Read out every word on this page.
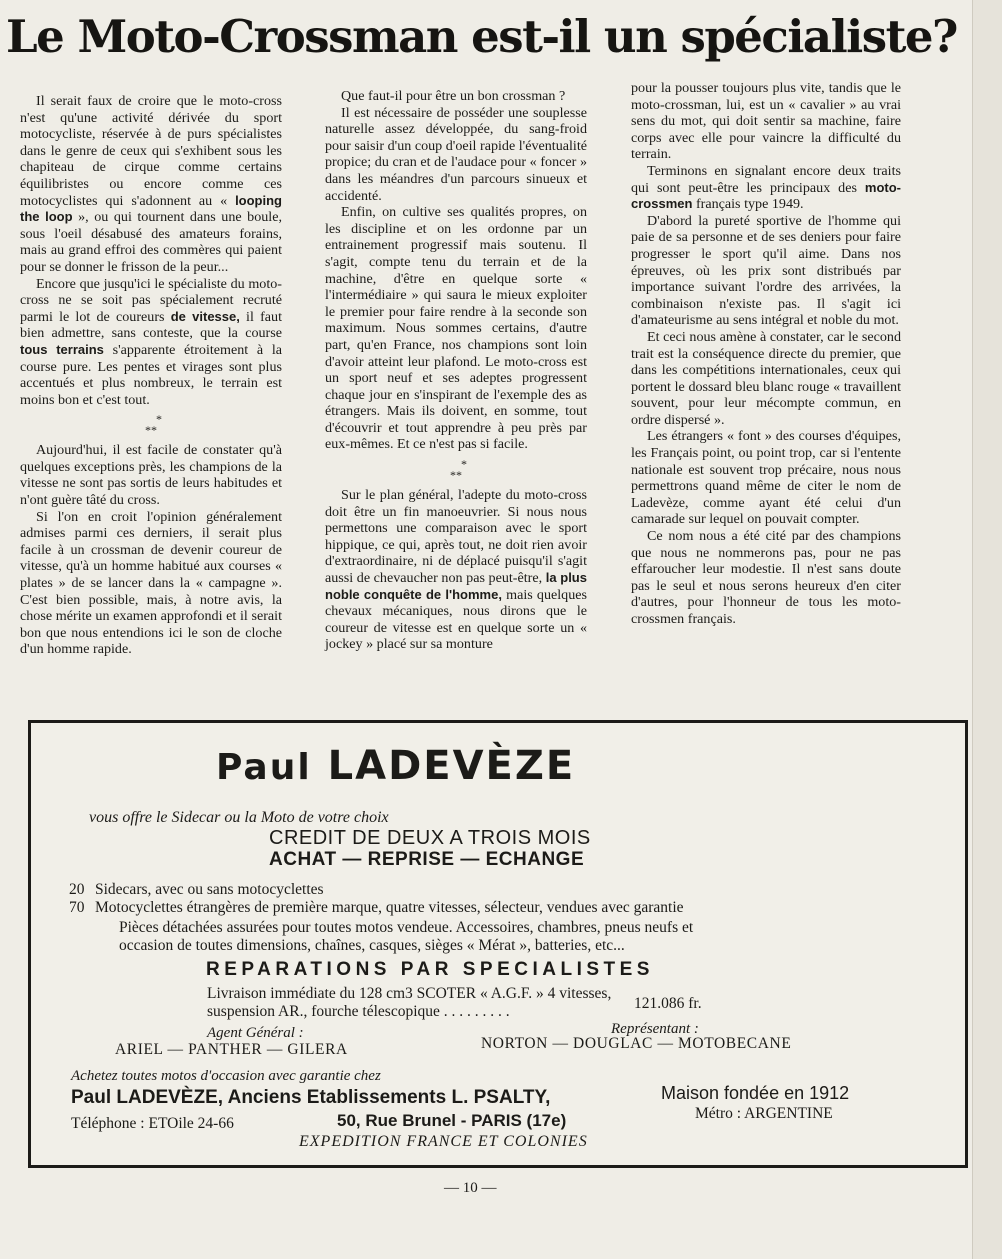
Le Moto-Crossman est-il un spécialiste?

Il serait faux de croire que le moto-cross n'est qu'une activité dérivée du sport motocycliste, réservée à de purs spécialistes dans le genre de ceux qui s'exhibent sous les chapiteau de cirque comme certains équilibristes ou encore comme ces motocyclistes qui s'adonnent au « looping the loop », ou qui tournent dans une boule, sous l'oeil désabusé des amateurs forains, mais au grand effroi des commères qui paient pour se donner le frisson de la peur...

Encore que jusqu'ici le spécialiste du moto-cross ne se soit pas spécialement recruté parmi le lot de coureurs de vitesse, il faut bien admettre, sans conteste, que la course tous terrains s'apparente étroitement à la course pure. Les pentes et virages sont plus accentués et plus nombreux, le terrain est moins bon et c'est tout.

*
**

Aujourd'hui, il est facile de constater qu'à quelques exceptions près, les champions de la vitesse ne sont pas sortis de leurs habitudes et n'ont guère tâté du cross.

Si l'on en croit l'opinion généralement admises parmi ces derniers, il serait plus facile à un crossman de devenir coureur de vitesse, qu'à un homme habitué aux courses « plates » de se lancer dans la « campagne ». C'est bien possible, mais, à notre avis, la chose mérite un examen approfondi et il serait bon que nous entendions ici le son de cloche d'un homme rapide.

Que faut-il pour être un bon crossman ?

Il est nécessaire de posséder une souplesse naturelle assez développée, du sang-froid pour saisir d'un coup d'oeil rapide l'éventualité propice; du cran et de l'audace pour « foncer » dans les méandres d'un parcours sinueux et accidenté.

Enfin, on cultive ses qualités propres, on les discipline et on les ordonne par un entrainement progressif mais soutenu. Il s'agit, compte tenu du terrain et de la machine, d'être en quelque sorte « l'intermédiaire » qui saura le mieux exploiter le premier pour faire rendre à la seconde son maximum. Nous sommes certains, d'autre part, qu'en France, nos champions sont loin d'avoir atteint leur plafond. Le moto-cross est un sport neuf et ses adeptes progressent chaque jour en s'inspirant de l'exemple des as étrangers. Mais ils doivent, en somme, tout d'écouvrir et tout apprendre à peu près par eux-mêmes. Et ce n'est pas si facile.

*
**

Sur le plan général, l'adepte du moto-cross doit être un fin manoeuvrier. Si nous nous permettons une comparaison avec le sport hippique, ce qui, après tout, ne doit rien avoir d'extraordinaire, ni de déplacé puisqu'il s'agit aussi de chevaucher non pas peut-être, la plus noble conquête de l'homme, mais quelques chevaux mécaniques, nous dirons que le coureur de vitesse est en quelque sorte un « jockey » placé sur sa monture

pour la pousser toujours plus vite, tandis que le moto-crossman, lui, est un « cavalier » au vrai sens du mot, qui doit sentir sa machine, faire corps avec elle pour vaincre la difficulté du terrain.

Terminons en signalant encore deux traits qui sont peut-être les principaux des moto-crossmen français type 1949.

D'abord la pureté sportive de l'homme qui paie de sa personne et de ses deniers pour faire progresser le sport qu'il aime. Dans nos épreuves, où les prix sont distribués par importance suivant l'ordre des arrivées, la combinaison n'existe pas. Il s'agit ici d'amateurisme au sens intégral et noble du mot.

Et ceci nous amène à constater, car le second trait est la conséquence directe du premier, que dans les compétitions internationales, ceux qui portent le dossard bleu blanc rouge « travaillent souvent, pour leur mécompte commun, en ordre dispersé ».

Les étrangers « font » des courses d'équipes, les Français point, ou point trop, car si l'entente nationale est souvent trop précaire, nous nous permettrons quand même de citer le nom de Ladevèze, comme ayant été celui d'un camarade sur lequel on pouvait compter.

Ce nom nous a été cité par des champions que nous ne nommerons pas, pour ne pas effaroucher leur modestie. Il n'est sans doute pas le seul et nous serons heureux d'en citer d'autres, pour l'honneur de tous les moto-crossmen français.

Paul LADEVÈZE
vous offre le Sidecar ou la Moto de votre choix
CREDIT DE DEUX A TROIS MOIS
ACHAT — REPRISE — ECHANGE
20 Sidecars, avec ou sans motocyclettes
70 Motocyclettes étrangères de première marque, quatre vitesses, sélecteur, vendues avec garantie
Pièces détachées assurées pour toutes motos vendeue. Accessoires, chambres, pneus neufs et
occasion de toutes dimensions, chaînes, casques, sièges « Mérat », batteries, etc...
REPARATIONS PAR SPECIALISTES
Livraison immédiate du 128 cm3 SCOTER « A.G.F. » 4 vitesses,
suspension AR., fourche télescopique . . . . . . . . .	121.086 fr.
Agent Général :	Représentant :
ARIEL — PANTHER — GILERA	NORTON — DOUGLAC — MOTOBECANE
Achetez toutes motos d'occasion avec garantie chez
Paul LADEVÈZE, Anciens Etablissements L. PSALTY,	Maison fondée en 1912
Téléphone : ETOile 24-66	50, Rue Brunel - PARIS (17e)	Métro : ARGENTINE
EXPEDITION FRANCE ET COLONIES
— 10 —
